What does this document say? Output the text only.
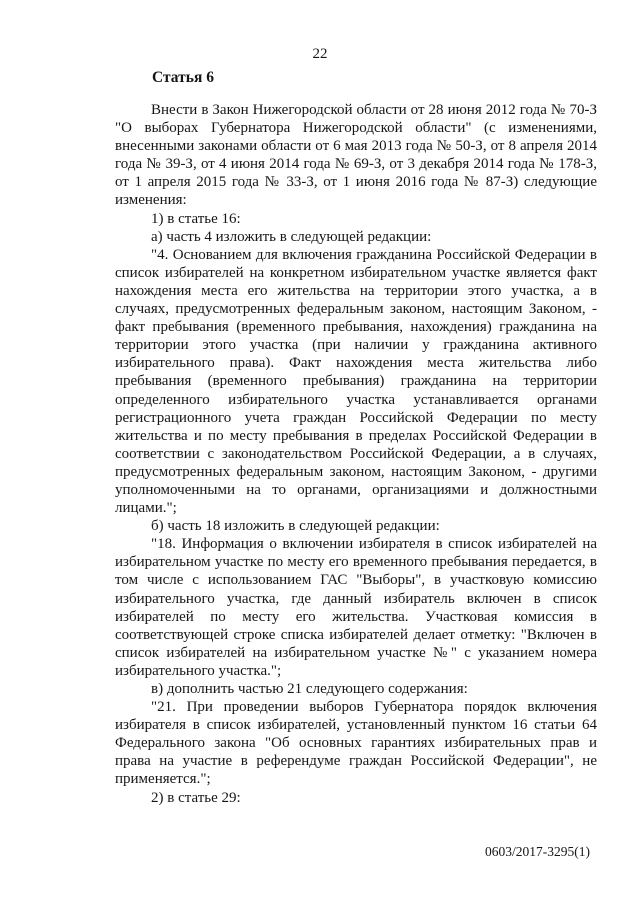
22
Статья 6

Внести в Закон Нижегородской области от 28 июня 2012 года № 70-З "О выборах Губернатора Нижегородской области" (с изменениями, внесенными законами области от 6 мая 2013 года № 50-З, от 8 апреля 2014 года № 39-З, от 4 июня 2014 года № 69-З, от 3 декабря 2014 года № 178-З, от 1 апреля 2015 года № 33-З, от 1 июня 2016 года № 87-З) следующие изменения:

1) в статье 16:

а) часть 4 изложить в следующей редакции:

"4. Основанием для включения гражданина Российской Федерации в список избирателей на конкретном избирательном участке является факт нахождения места его жительства на территории этого участка, а в случаях, предусмотренных федеральным законом, настоящим Законом, - факт пребывания (временного пребывания, нахождения) гражданина на территории этого участка (при наличии у гражданина активного избирательного права). Факт нахождения места жительства либо пребывания (временного пребывания) гражданина на территории определенного избирательного участка устанавливается органами регистрационного учета граждан Российской Федерации по месту жительства и по месту пребывания в пределах Российской Федерации в соответствии с законодательством Российской Федерации, а в случаях, предусмотренных федеральным законом, настоящим Законом, - другими уполномоченными на то органами, организациями и должностными лицами.";

б) часть 18 изложить в следующей редакции:

"18. Информация о включении избирателя в список избирателей на избирательном участке по месту его временного пребывания передается, в том числе с использованием ГАС "Выборы", в участковую комиссию избирательного участка, где данный избиратель включен в список избирателей по месту его жительства. Участковая комиссия в соответствующей строке списка избирателей делает отметку: "Включен в список избирателей на избирательном участке №" с указанием номера избирательного участка.";

в) дополнить частью 21 следующего содержания:

"21. При проведении выборов Губернатора порядок включения избирателя в список избирателей, установленный пунктом 16 статьи 64 Федерального закона "Об основных гарантиях избирательных прав и права на участие в референдуме граждан Российской Федерации", не применяется.";

2) в статье 29:

0603/2017-3295(1)
